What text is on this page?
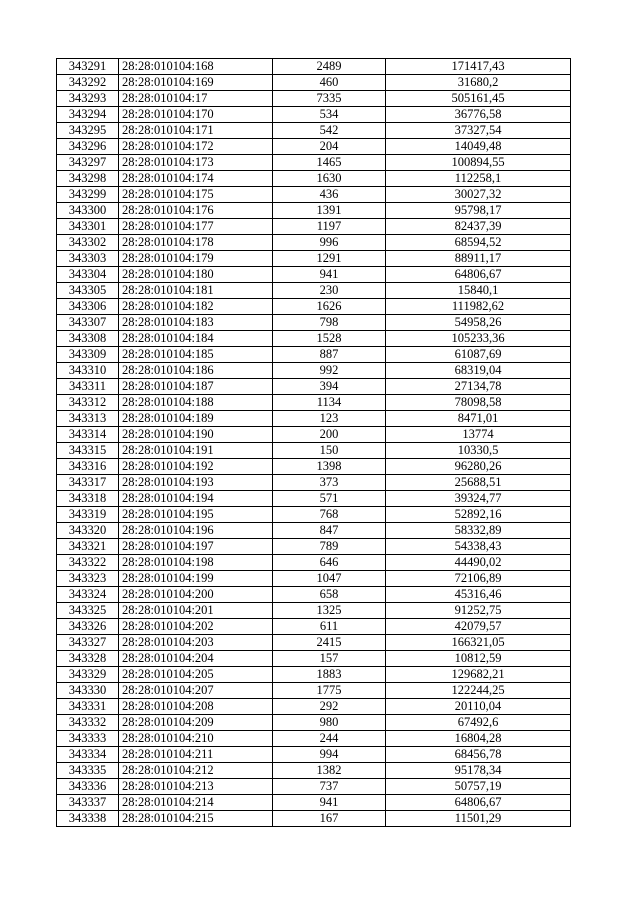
343291	28:28:010104:168	2489	171417,43
343292	28:28:010104:169	460	31680,2
343293	28:28:010104:17	7335	505161,45
343294	28:28:010104:170	534	36776,58
343295	28:28:010104:171	542	37327,54
343296	28:28:010104:172	204	14049,48
343297	28:28:010104:173	1465	100894,55
343298	28:28:010104:174	1630	112258,1
343299	28:28:010104:175	436	30027,32
343300	28:28:010104:176	1391	95798,17
343301	28:28:010104:177	1197	82437,39
343302	28:28:010104:178	996	68594,52
343303	28:28:010104:179	1291	88911,17
343304	28:28:010104:180	941	64806,67
343305	28:28:010104:181	230	15840,1
343306	28:28:010104:182	1626	111982,62
343307	28:28:010104:183	798	54958,26
343308	28:28:010104:184	1528	105233,36
343309	28:28:010104:185	887	61087,69
343310	28:28:010104:186	992	68319,04
343311	28:28:010104:187	394	27134,78
343312	28:28:010104:188	1134	78098,58
343313	28:28:010104:189	123	8471,01
343314	28:28:010104:190	200	13774
343315	28:28:010104:191	150	10330,5
343316	28:28:010104:192	1398	96280,26
343317	28:28:010104:193	373	25688,51
343318	28:28:010104:194	571	39324,77
343319	28:28:010104:195	768	52892,16
343320	28:28:010104:196	847	58332,89
343321	28:28:010104:197	789	54338,43
343322	28:28:010104:198	646	44490,02
343323	28:28:010104:199	1047	72106,89
343324	28:28:010104:200	658	45316,46
343325	28:28:010104:201	1325	91252,75
343326	28:28:010104:202	611	42079,57
343327	28:28:010104:203	2415	166321,05
343328	28:28:010104:204	157	10812,59
343329	28:28:010104:205	1883	129682,21
343330	28:28:010104:207	1775	122244,25
343331	28:28:010104:208	292	20110,04
343332	28:28:010104:209	980	67492,6
343333	28:28:010104:210	244	16804,28
343334	28:28:010104:211	994	68456,78
343335	28:28:010104:212	1382	95178,34
343336	28:28:010104:213	737	50757,19
343337	28:28:010104:214	941	64806,67
343338	28:28:010104:215	167	11501,29
